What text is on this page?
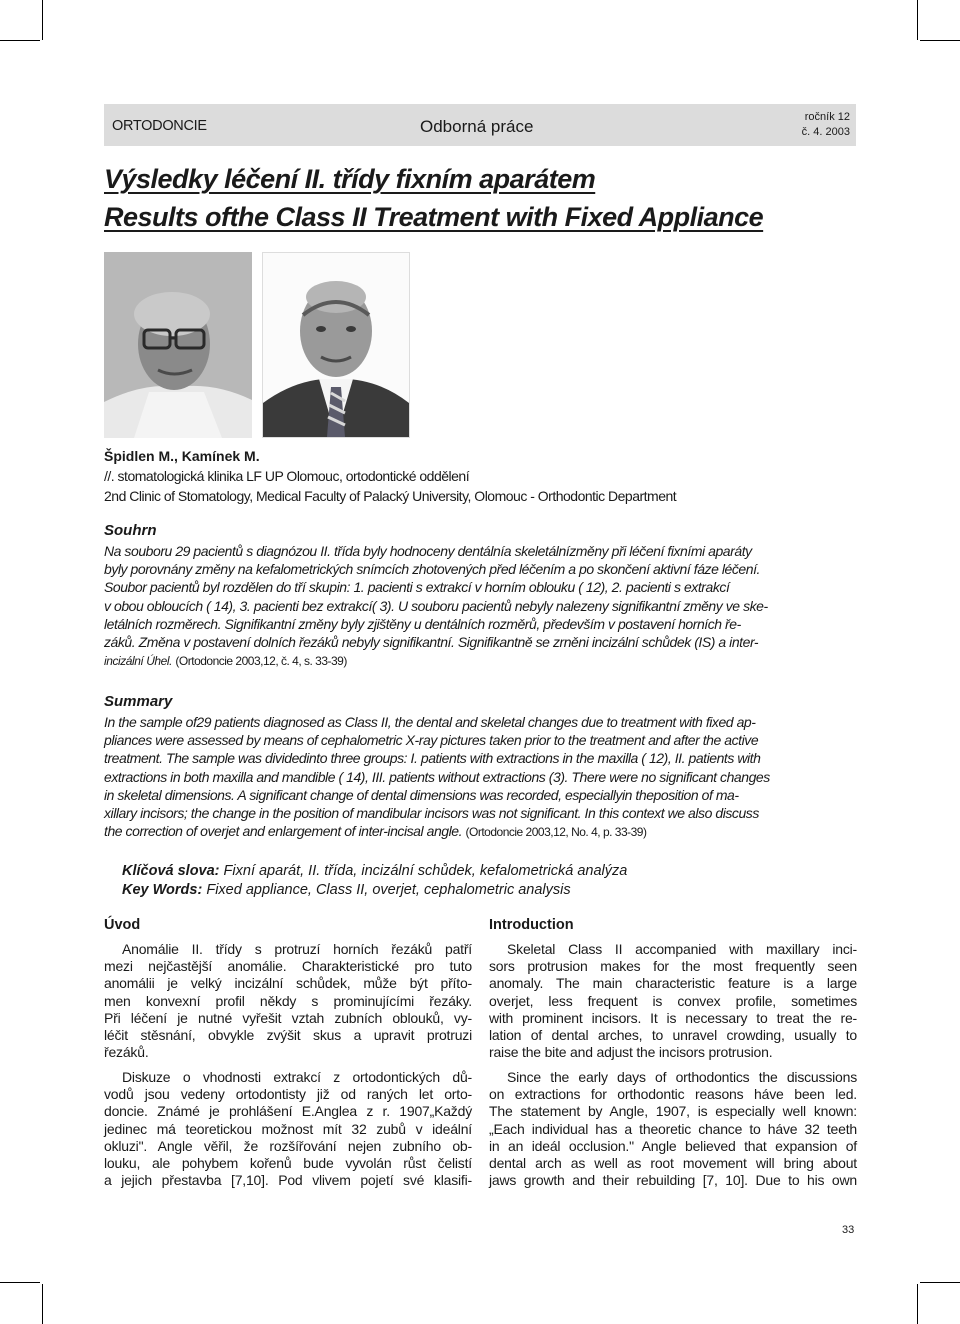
ORTODONCIE	Odborná práce	ročník 12
č. 4. 2003
Výsledky léčení II. třídy fixním aparátem
Results ofthe Class II Treatment with Fixed Appliance
Špidlen M., Kamínek M.
//. stomatologická klinika LF UP Olomouc, ortodontické oddělení
2nd Clinic of Stomatology, Medical Faculty of Palacký University, Olomouc - Orthodontic Department
Souhrn
Na souboru 29 pacientů s diagnózou II. třída byly hodnoceny dentálnía skeletálnízměny při léčení fixními aparáty
byly porovnány změny na kefalometrických snímcích zhotovených před léčením a po skončení aktivní fáze léčení.
Soubor pacientů byl rozdělen do tří skupin: 1. pacienti s extrakcí v horním oblouku ( 12), 2. pacienti s extrakcí
v obou obloucích ( 14), 3. pacienti bez extrakcí( 3). U souboru pacientů nebyly nalezeny signifikantní změny ve ske-
letálních rozměrech. Signifikantní změny byly zjištěny u dentálních rozměrů, především v postavení horních ře-
záků. Změna v postavení dolních řezáků nebyly signifikantní. Signifikantně se zrněni incizální schůdek (IS) a inter-
incizální Úhel. (Ortodoncie 2003,12, č. 4, s. 33-39)
Summary
In the sample of29 patients diagnosed as Class II, the dental and skeletal changes due to treatment with fixed ap-
pliances were assessed by means of cephalometric X-ray pictures taken prior to the treatment and after the active
treatment. The sample was dividedinto three groups: I. patients with extractions in the maxilla ( 12), II. patients with
extractions in both maxilla and mandible ( 14), III. patients without extractions (3). There were no significant changes
in skeletal dimensions. A significant change of dental dimensions was recorded, especiallyin theposition of ma-
xillary incisors; the change in the position of mandibular incisors was not significant. In this context we also discuss
the correction of overjet and enlargement of inter-incisal angle. (Ortodoncie 2003,12, No. 4, p. 33-39)
Klíčová slova: Fixní aparát, II. třída, incizální schůdek, kefalometrická analýza
Key Words: Fixed appliance, Class II, overjet, cephalometric analysis
Úvod
Anomálie II. třídy s protruzí horních řezáků patří
mezi nejčastější anomálie. Charakteristické pro tuto
anomálii je velký incizální schůdek, může být příto-
men konvexní profil někdy s prominujícími řezáky.
Při léčení je nutné vyřešit vztah zubních oblouků, vy-
léčit stěsnání, obvykle zvýšit skus a upravit protruzi
řezáků.
Diskuze o vhodnosti extrakcí z ortodontických dů-
vodů jsou vedeny ortodontisty již od raných let orto-
doncie. Známé je prohlášení E.Anglea z r. 1907„Každý
jedinec má teoretickou možnost mít 32 zubů v ideální
okluzi". Angle věřil, že rozšířování nejen zubního ob-
louku, ale pohybem kořenů bude vyvolán růst čelistí
a jejich přestavba [7,10]. Pod vlivem pojetí své klasifi-
Introduction
Skeletal Class II accompanied with maxillary inci-
sors protrusion makes for the most frequently seen
anomaly. The main characteristic feature is a large
overjet, less frequent is convex profile, sometimes
with prominent incisors. It is necessary to treat the re-
lation of dental arches, to unravel crowding, usually to
raise the bite and adjust the incisors protrusion.
Since the early days of orthodontics the discussions
on extractions for orthodontic reasons háve been led.
The statement by Angle, 1907, is especially well known:
„Each individual has a theoretic chance to háve 32 teeth
in an ideál occlusion." Angle believed that expansion of
dental arch as well as root movement will bring about
jaws growth and their rebuilding [7, 10]. Due to his own
33
